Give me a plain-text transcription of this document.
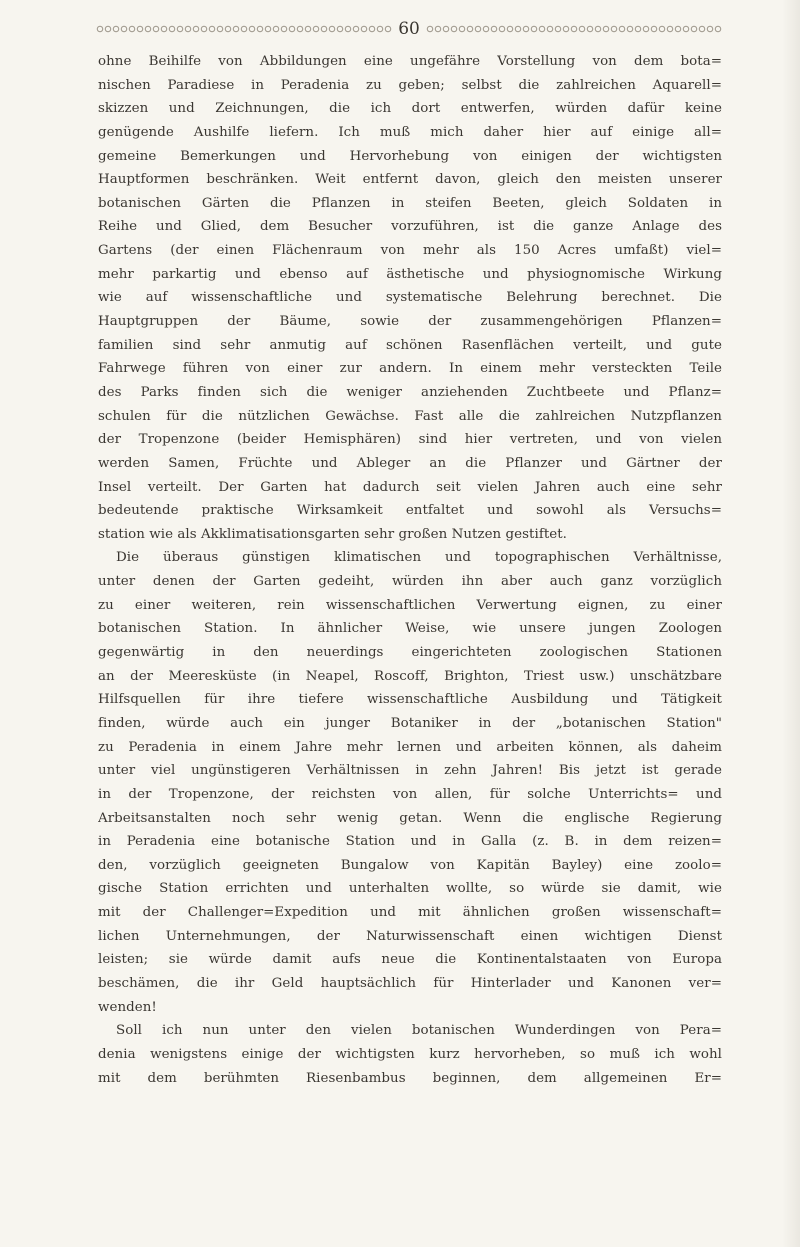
60
ohne Beihilfe von Abbildungen eine ungefähre Vorstellung von dem bota=
nischen Paradiese in Peradenia zu geben; selbst die zahlreichen Aquarell=
skizzen und Zeichnungen, die ich dort entwerfen, würden dafür keine
genügende Aushilfe liefern. Ich muß mich daher hier auf einige all=
gemeine Bemerkungen und Hervorhebung von einigen der wichtigsten
Hauptformen beschränken. Weit entfernt davon, gleich den meisten unserer
botanischen Gärten die Pflanzen in steifen Beeten, gleich Soldaten in
Reihe und Glied, dem Besucher vorzuführen, ist die ganze Anlage des
Gartens (der einen Flächenraum von mehr als 150 Acres umfaßt) viel=
mehr parkartig und ebenso auf ästhetische und physiognomische Wirkung
wie auf wissenschaftliche und systematische Belehrung berechnet. Die
Hauptgruppen der Bäume, sowie der zusammengehörigen Pflanzen=
familien sind sehr anmutig auf schönen Rasenflächen verteilt, und gute
Fahrwege führen von einer zur andern. In einem mehr versteckten Teile
des Parks finden sich die weniger anziehenden Zuchtbeete und Pflanz=
schulen für die nützlichen Gewächse. Fast alle die zahlreichen Nutzpflanzen
der Tropenzone (beider Hemisphären) sind hier vertreten, und von vielen
werden Samen, Früchte und Ableger an die Pflanzer und Gärtner der
Insel verteilt. Der Garten hat dadurch seit vielen Jahren auch eine sehr
bedeutende praktische Wirksamkeit entfaltet und sowohl als Versuchs=
station wie als Akklimatisationsgarten sehr großen Nutzen gestiftet.
Die überaus günstigen klimatischen und topographischen Verhältnisse,
unter denen der Garten gedeiht, würden ihn aber auch ganz vorzüglich
zu einer weiteren, rein wissenschaftlichen Verwertung eignen, zu einer
botanischen Station. In ähnlicher Weise, wie unsere jungen Zoologen
gegenwärtig in den neuerdings eingerichteten zoologischen Stationen
an der Meeresküste (in Neapel, Roscoff, Brighton, Triest usw.) unschätzbare
Hilfsquellen für ihre tiefere wissenschaftliche Ausbildung und Tätigkeit
finden, würde auch ein junger Botaniker in der „botanischen Station"
zu Peradenia in einem Jahre mehr lernen und arbeiten können, als daheim
unter viel ungünstigeren Verhältnissen in zehn Jahren! Bis jetzt ist gerade
in der Tropenzone, der reichsten von allen, für solche Unterrichts= und
Arbeitsanstalten noch sehr wenig getan. Wenn die englische Regierung
in Peradenia eine botanische Station und in Galla (z. B. in dem reizen=
den, vorzüglich geeigneten Bungalow von Kapitän Bayley) eine zoolo=
gische Station errichten und unterhalten wollte, so würde sie damit, wie
mit der Challenger=Expedition und mit ähnlichen großen wissenschaft=
lichen Unternehmungen, der Naturwissenschaft einen wichtigen Dienst
leisten; sie würde damit aufs neue die Kontinentalstaaten von Europa
beschämen, die ihr Geld hauptsächlich für Hinterlader und Kanonen ver=
wenden!
Soll ich nun unter den vielen botanischen Wunderdingen von Pera=
denia wenigstens einige der wichtigsten kurz hervorheben, so muß ich wohl
mit dem berühmten Riesenbambus beginnen, dem allgemeinen Er=
